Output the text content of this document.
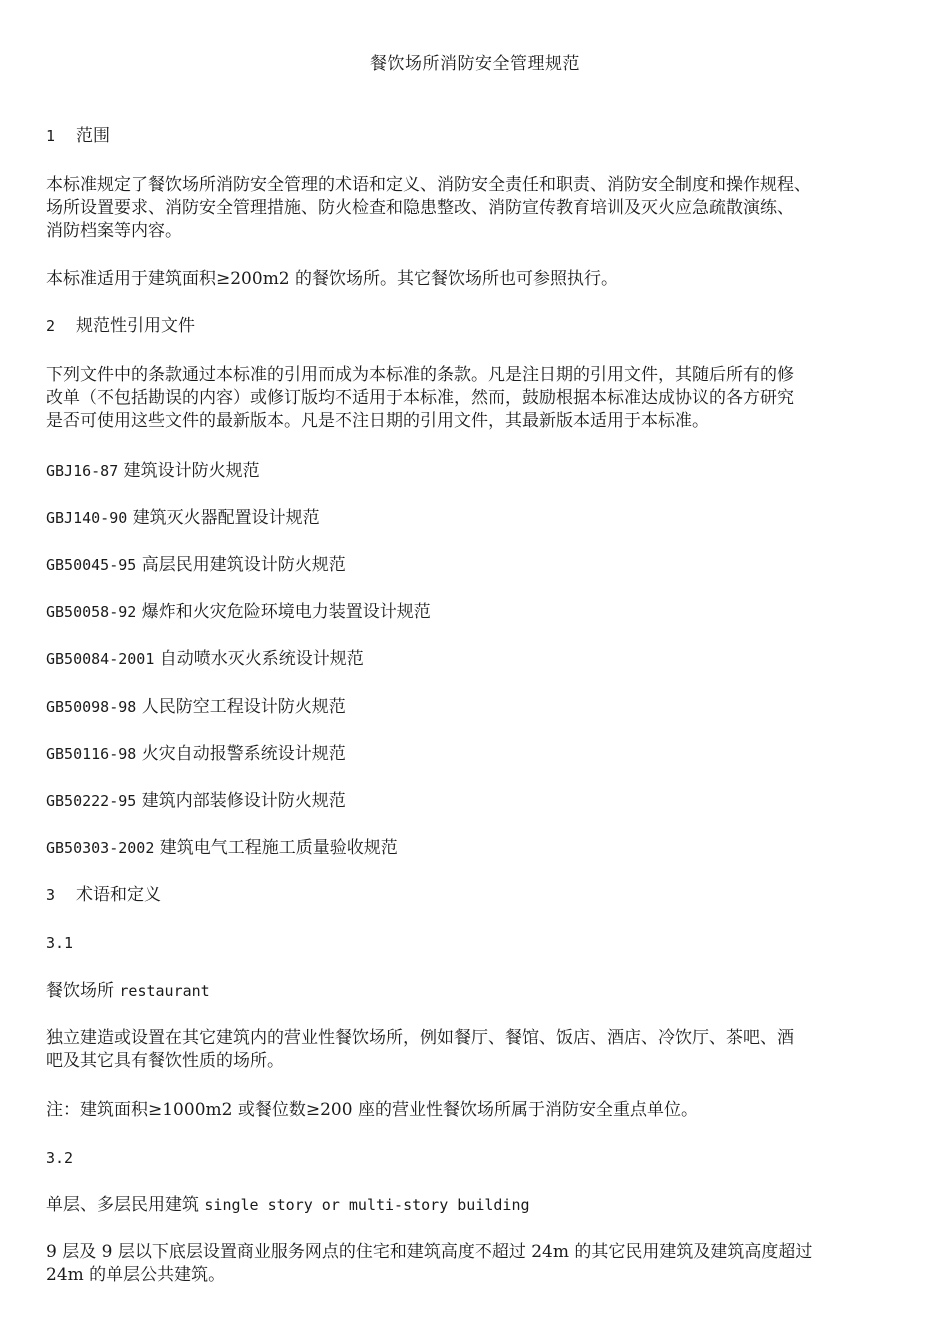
餐饮场所消防安全管理规范
1 范围
本标准规定了餐饮场所消防安全管理的术语和定义、消防安全责任和职责、消防安全制度和操作规程、
场所设置要求、消防安全管理措施、防火检查和隐患整改、消防宣传教育培训及灭火应急疏散演练、
消防档案等内容。
本标准适用于建筑面积≥200m2 的餐饮场所。其它餐饮场所也可参照执行。
2 规范性引用文件
下列文件中的条款通过本标准的引用而成为本标准的条款。凡是注日期的引用文件，其随后所有的修
改单（不包括勘误的内容）或修订版均不适用于本标准，然而，鼓励根据本标准达成协议的各方研究
是否可使用这些文件的最新版本。凡是不注日期的引用文件，其最新版本适用于本标准。
GBJ16-87 建筑设计防火规范
GBJ140-90 建筑灭火器配置设计规范
GB50045-95 高层民用建筑设计防火规范
GB50058-92 爆炸和火灾危险环境电力装置设计规范
GB50084-2001 自动喷水灭火系统设计规范
GB50098-98 人民防空工程设计防火规范
GB50116-98 火灾自动报警系统设计规范
GB50222-95 建筑内部装修设计防火规范
GB50303-2002 建筑电气工程施工质量验收规范
3 术语和定义
3.1
餐饮场所 restaurant
独立建造或设置在其它建筑内的营业性餐饮场所，例如餐厅、餐馆、饭店、酒店、冷饮厅、茶吧、酒
吧及其它具有餐饮性质的场所。
注：建筑面积≥1000m2 或餐位数≥200 座的营业性餐饮场所属于消防安全重点单位。
3.2
单层、多层民用建筑 single story or multi-story building
9 层及 9 层以下底层设置商业服务网点的住宅和建筑高度不超过 24m 的其它民用建筑及建筑高度超过
24m 的单层公共建筑。
